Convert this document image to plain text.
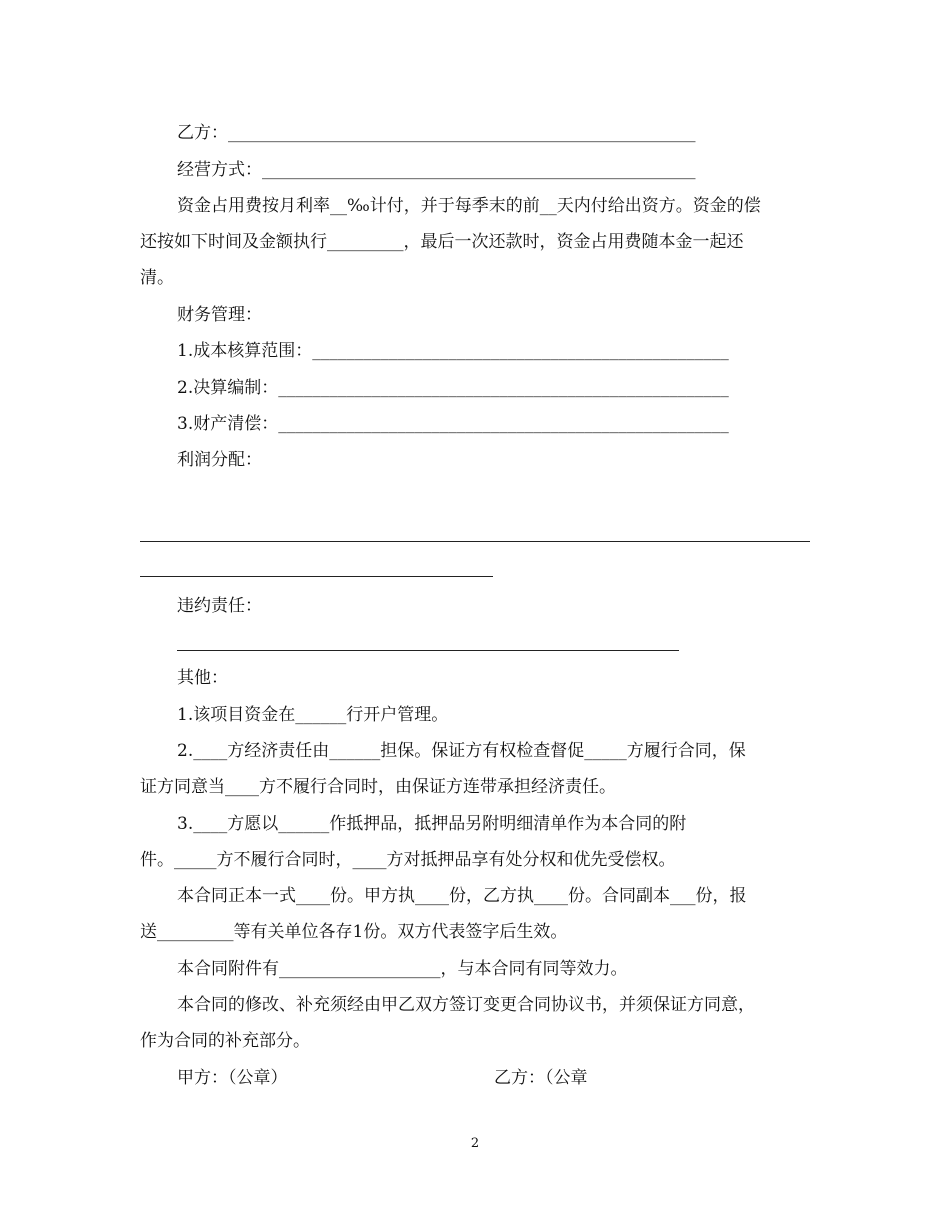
乙方：_______________________________________________________
经营方式：___________________________________________________
资金占用费按月利率__‰计付，并于每季末的前__天内付给出资方。资金的偿
还按如下时间及金额执行_________，最后一次还款时，资金占用费随本金一起还
清。
财务管理：
1.成本核算范围：_________________________________________________
2.决算编制：_____________________________________________________
3.财产清偿：_____________________________________________________
利润分配：
违约责任：
其他：
1.该项目资金在______行开户管理。
2.____方经济责任由______担保。保证方有权检查督促_____方履行合同，保
证方同意当____方不履行合同时，由保证方连带承担经济责任。
3.____方愿以______作抵押品，抵押品另附明细清单作为本合同的附
件。_____方不履行合同时，____方对抵押品享有处分权和优先受偿权。
本合同正本一式____份。甲方执____份，乙方执____份。合同副本___份，报
送_________等有关单位各存1份。双方代表签字后生效。
本合同附件有___________________，与本合同有同等效力。
本合同的修改、补充须经由甲乙双方签订变更合同协议书，并须保证方同意，
作为合同的补充部分。
甲方：（公章）	乙方：（公章
2
